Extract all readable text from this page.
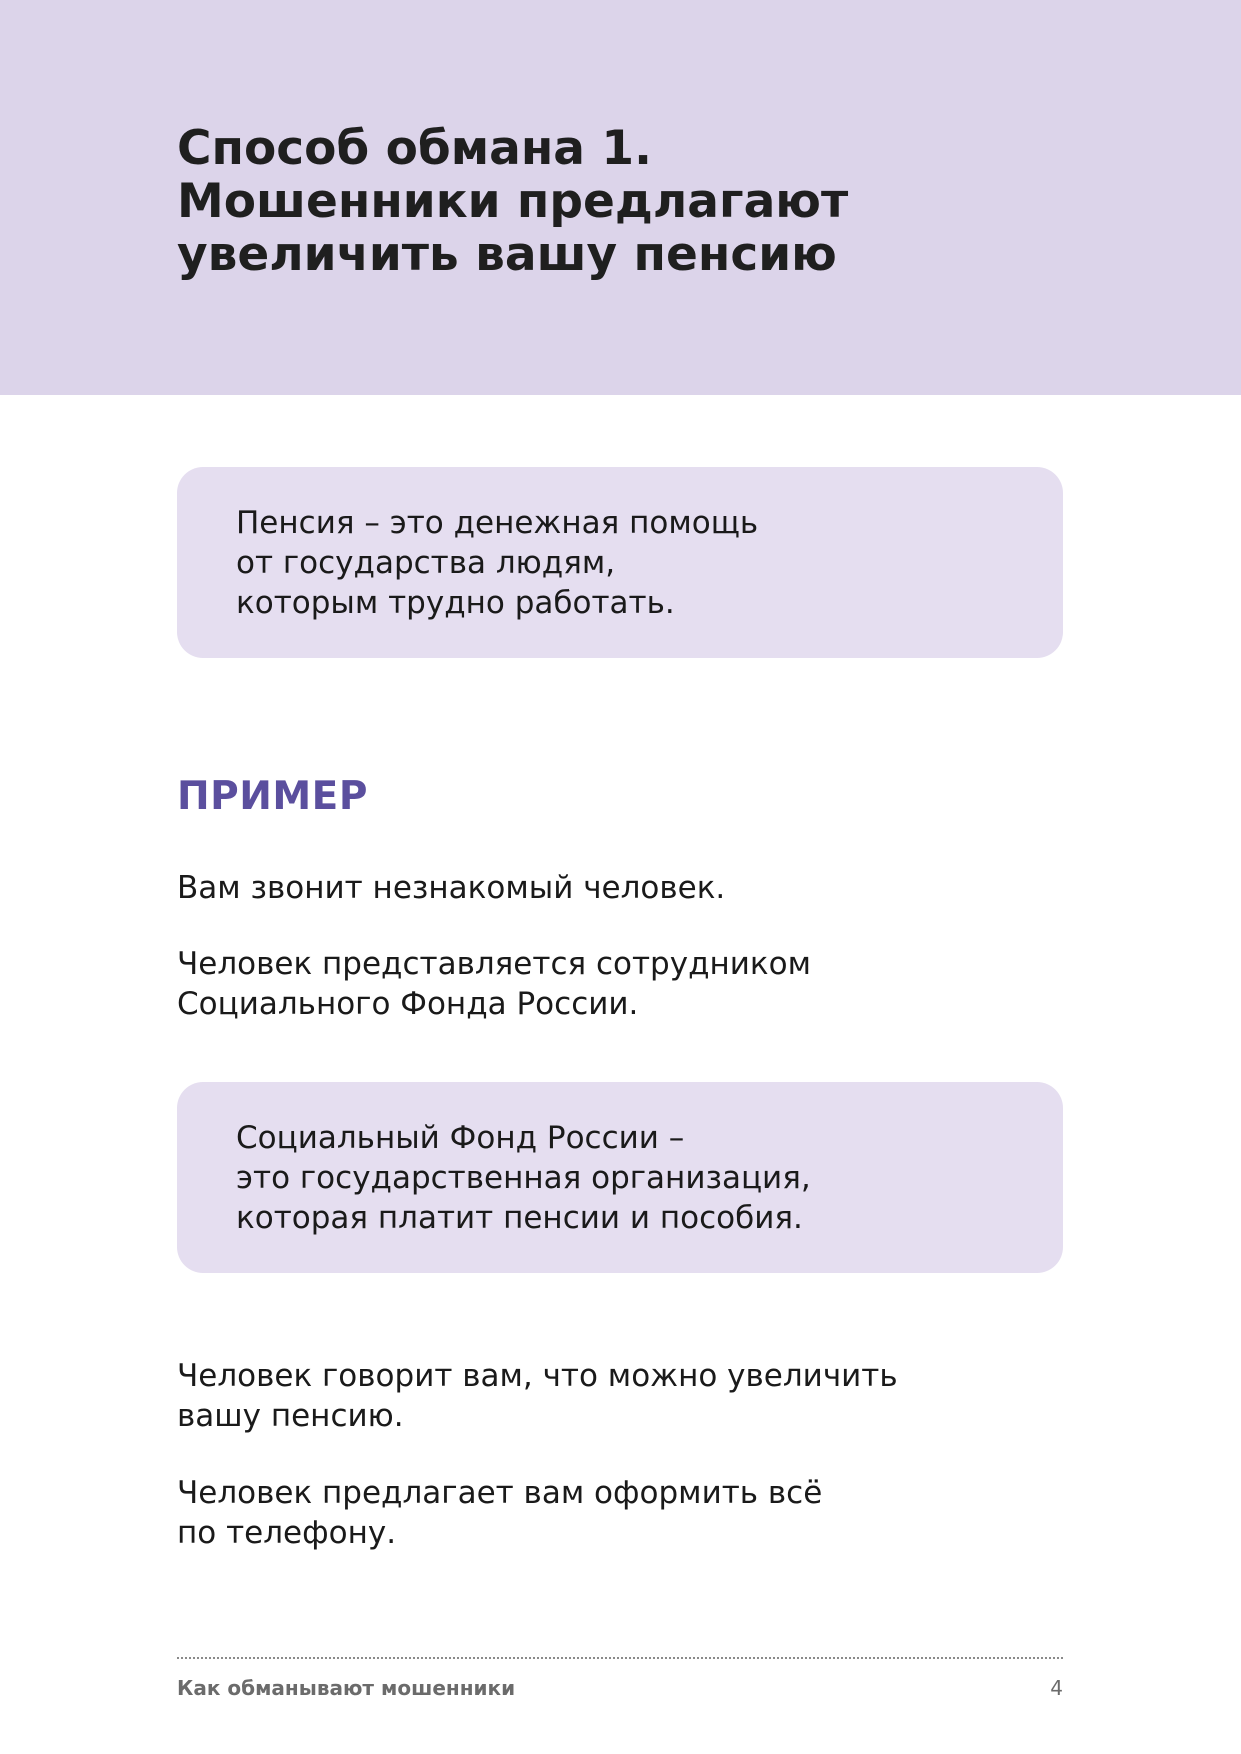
Способ обмана 1.
Мошенники предлагают
увеличить вашу пенсию
Пенсия – это денежная помощь
от государства людям,
которым трудно работать.
ПРИМЕР

Вам звонит незнакомый человек.

Человек представляется сотрудником
Социального Фонда России.

Социальный Фонд России –
это государственная организация,
которая платит пенсии и пособия.

Человек говорит вам, что можно увеличить
вашу пенсию.

Человек предлагает вам оформить всё
по телефону.

Как обманывают мошенники	4
